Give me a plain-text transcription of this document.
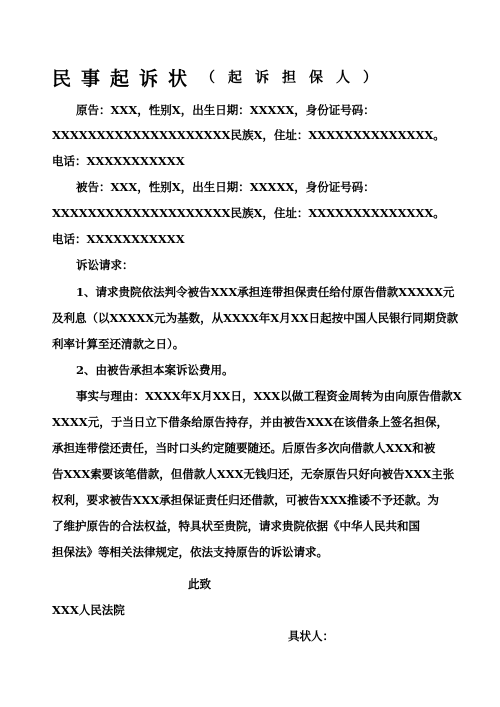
民事起诉状 （起诉担保人）
原告：XXX，性别X，出生日期：XXXXX，身份证号码：
XXXXXXXXXXXXXXXXXXXX民族X，住址：XXXXXXXXXXXXXX。
电话：XXXXXXXXXXX
被告：XXX，性别X，出生日期：XXXXX，身份证号码：
XXXXXXXXXXXXXXXXXXXX民族X，住址：XXXXXXXXXXXXXX。
电话：XXXXXXXXXXX
诉讼请求：
1、请求贵院依法判令被告XXX承担连带担保责任给付原告借款XXXXX元
及利息（以XXXXX元为基数，从XXXX年X月XX日起按中国人民银行同期贷款
利率计算至还清款之日）。
2、由被告承担本案诉讼费用。
事实与理由：XXXX年X月XX日，XXX以做工程资金周转为由向原告借款X
XXXX元，于当日立下借条给原告持存，并由被告XXX在该借条上签名担保，
承担连带偿还责任，当时口头约定随要随还。后原告多次向借款人XXX和被
告XXX索要该笔借款，但借款人XXX无钱归还，无奈原告只好向被告XXX主张
权利，要求被告XXX承担保证责任归还借款，可被告XXX推诿不予还款。为
了维护原告的合法权益，特具状至贵院，请求贵院依据《中华人民共和国
担保法》等相关法律规定，依法支持原告的诉讼请求。
此致
XXX人民法院
具状人：
